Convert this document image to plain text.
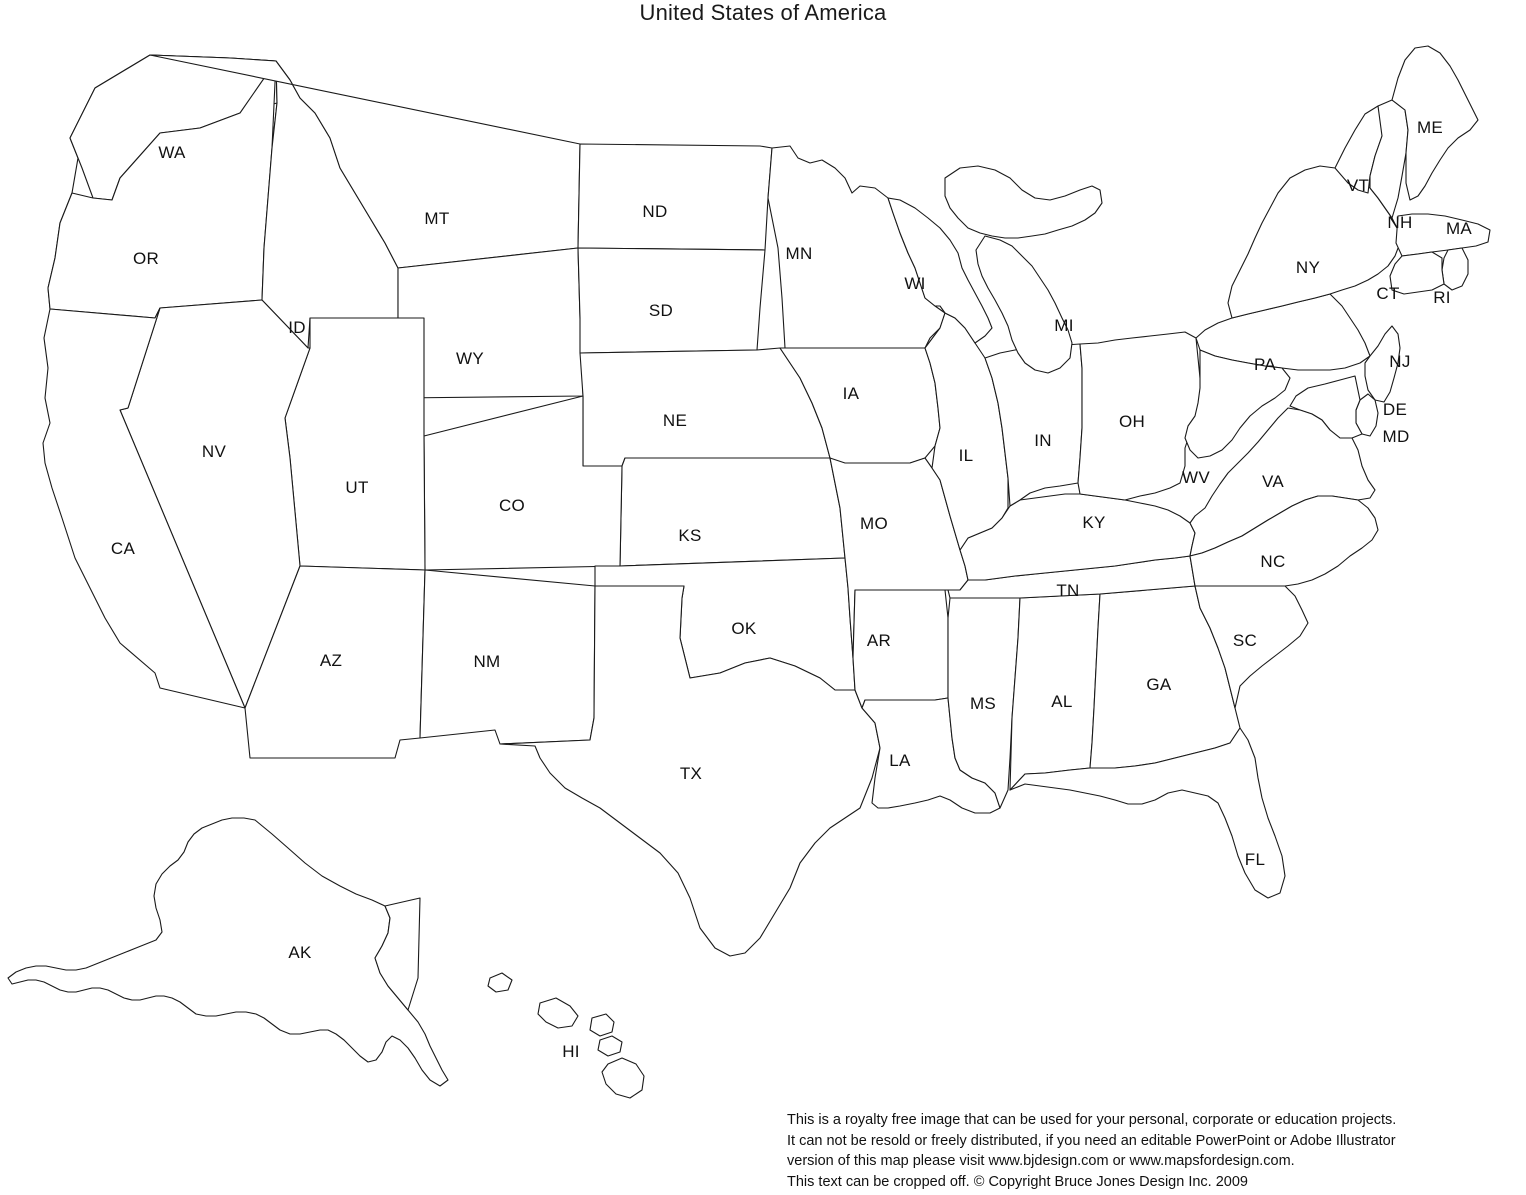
United States of America
WA
OR
MT
ID
ND
MN
WI
SD
WY
MI
NY
ME
VT
NH MA
CT RI
PA	NJ
OH
IN
IL
IA
NE
NV
UT
CO
CA
KS
MO	KY
WV	VA
DE
MD
NC
TN
SC
AZ	NM
OK
AR
MS	AL
GA
LA
TX
FL
AK
HI
This is a royalty free image that can be used for your personal, corporate or education projects.
It can not be resold or freely distributed, if you need an editable PowerPoint or Adobe Illustrator
version of this map please visit www.bjdesign.com or www.mapsfordesign.com.
This text can be cropped off. © Copyright Bruce Jones Design Inc. 2009
